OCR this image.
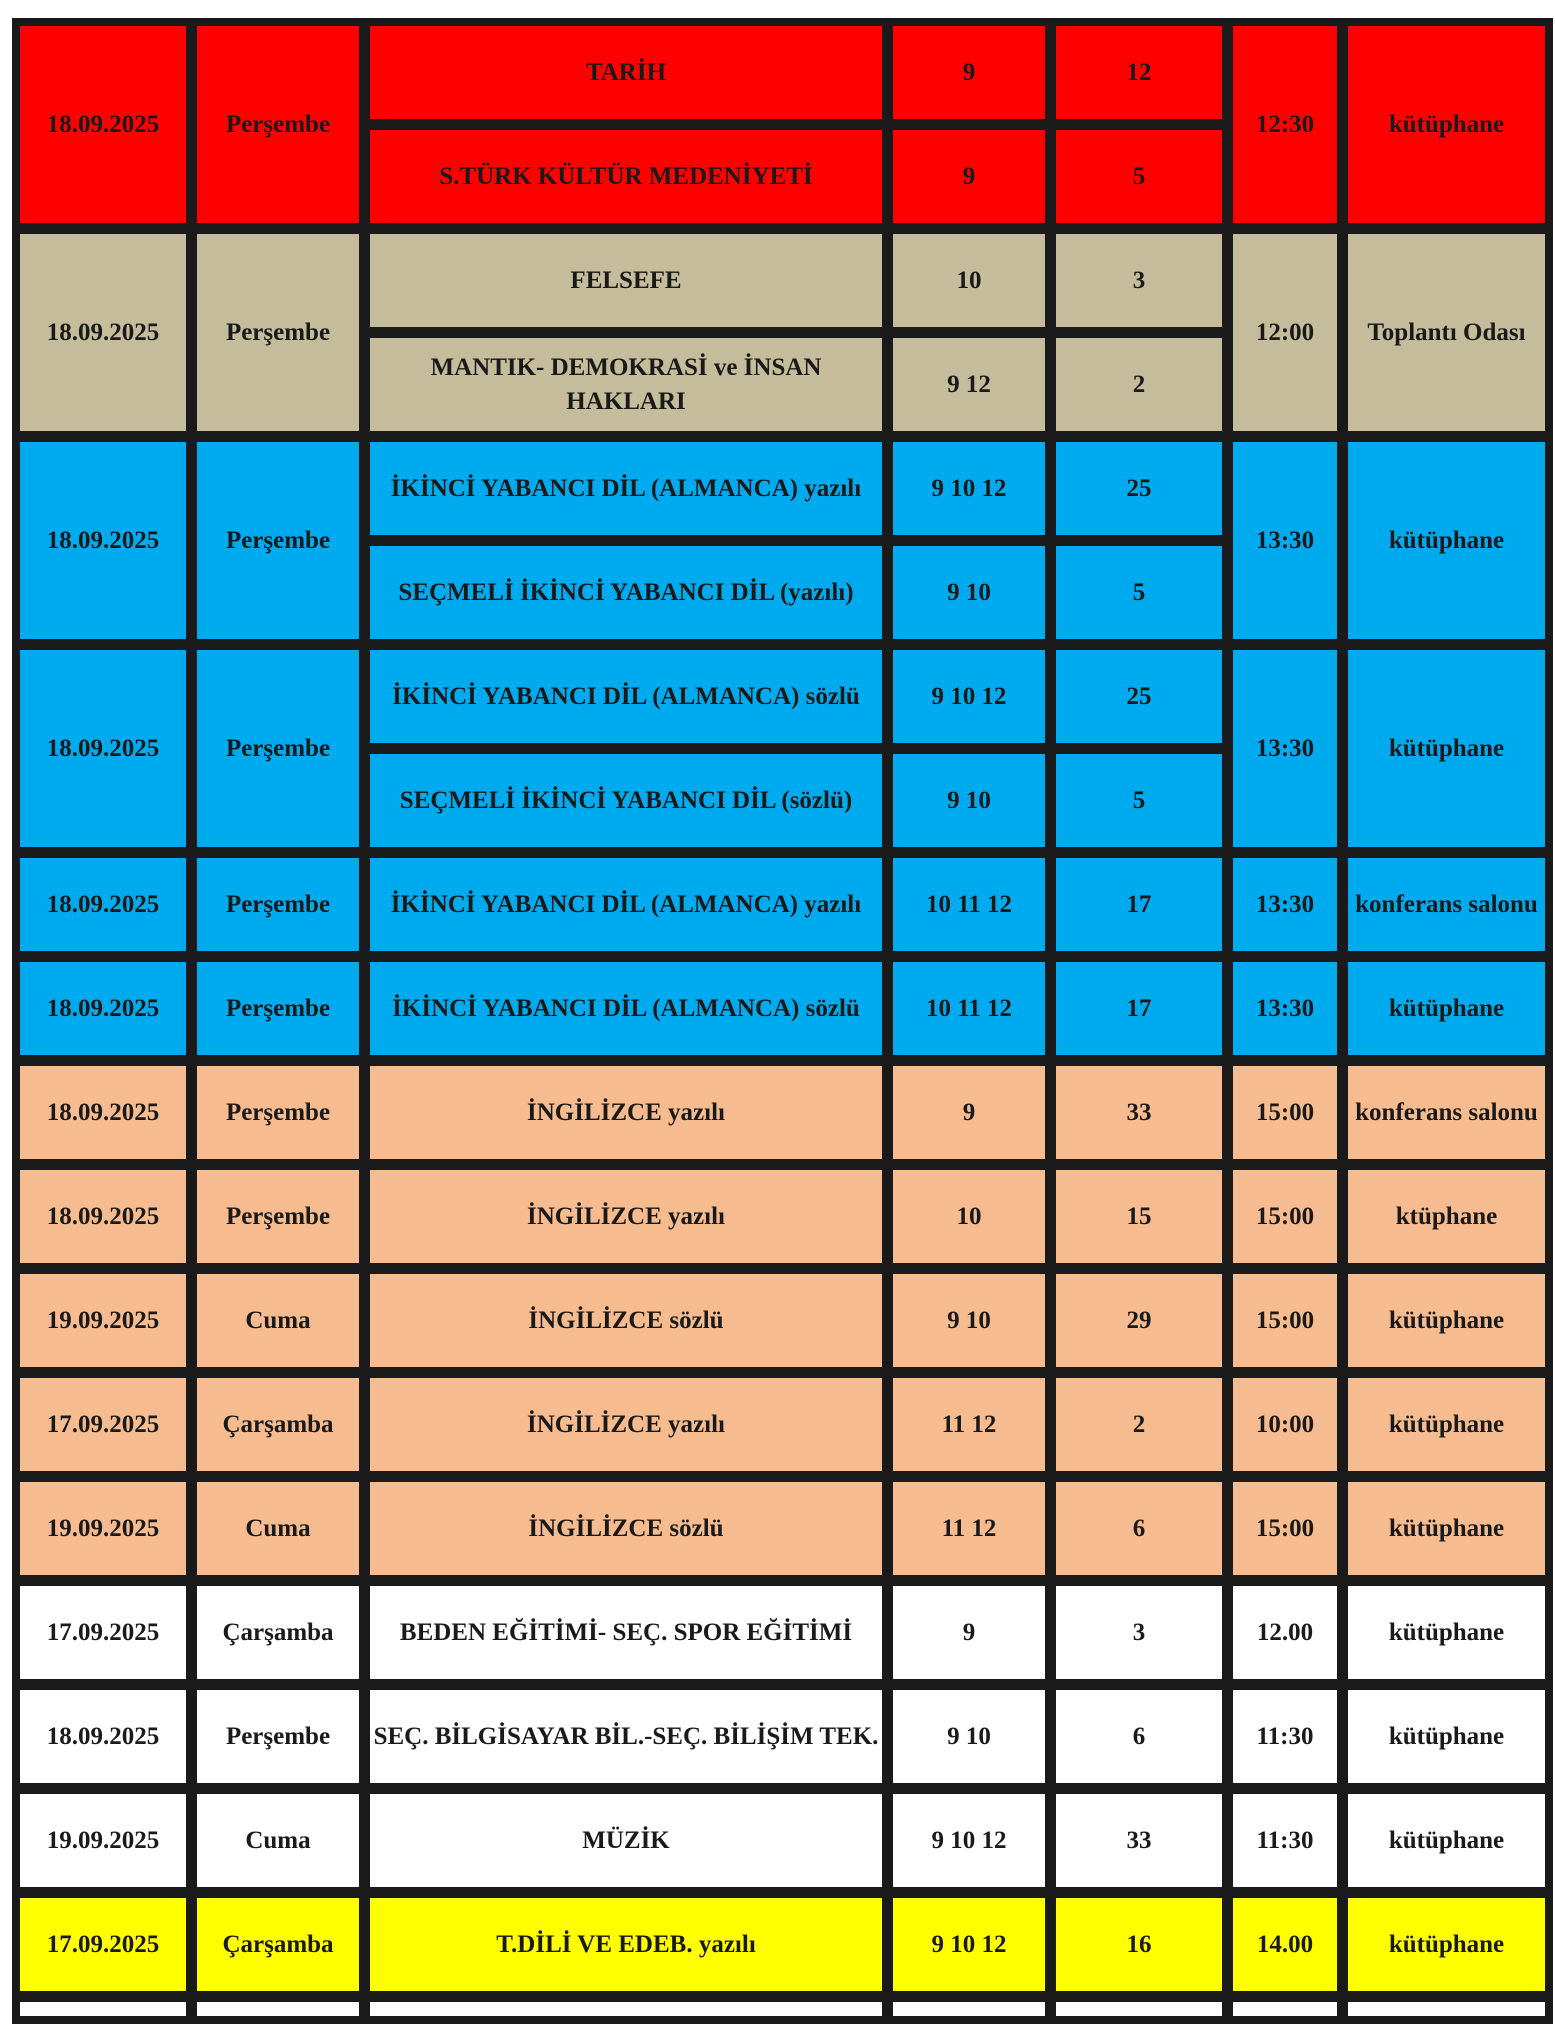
18.09.2025	Perşembe	TARİH	9	12	12:30	kütüphane
		S.TÜRK KÜLTÜR MEDENİYETİ	9	5		
18.09.2025	Perşembe	FELSEFE	10	3	12:00	Toplantı Odası
		MANTIK- DEMOKRASİ ve İNSAN HAKLARI	9 12	2		
18.09.2025	Perşembe	İKİNCİ YABANCI DİL (ALMANCA) yazılı	9 10 12	25	13:30	kütüphane
		SEÇMELİ İKİNCİ YABANCI DİL (yazılı)	9 10	5		
18.09.2025	Perşembe	İKİNCİ YABANCI DİL (ALMANCA) sözlü	9 10 12	25	13:30	kütüphane
		SEÇMELİ İKİNCİ YABANCI DİL (sözlü)	9 10	5		
18.09.2025	Perşembe	İKİNCİ YABANCI DİL (ALMANCA) yazılı	10 11 12	17	13:30	konferans salonu
18.09.2025	Perşembe	İKİNCİ YABANCI DİL (ALMANCA) sözlü	10 11 12	17	13:30	kütüphane
18.09.2025	Perşembe	İNGİLİZCE yazılı	9	33	15:00	konferans salonu
18.09.2025	Perşembe	İNGİLİZCE yazılı	10	15	15:00	ktüphane
19.09.2025	Cuma	İNGİLİZCE sözlü	9 10	29	15:00	kütüphane
17.09.2025	Çarşamba	İNGİLİZCE yazılı	11 12	2	10:00	kütüphane
19.09.2025	Cuma	İNGİLİZCE sözlü	11 12	6	15:00	kütüphane
17.09.2025	Çarşamba	BEDEN EĞİTİMİ- SEÇ. SPOR EĞİTİMİ	9	3	12.00	kütüphane
18.09.2025	Perşembe	SEÇ. BİLGİSAYAR BİL.-SEÇ. BİLİŞİM TEK.	9 10	6	11:30	kütüphane
19.09.2025	Cuma	MÜZİK	9 10 12	33	11:30	kütüphane
17.09.2025	Çarşamba	T.DİLİ VE EDEB. yazılı	9 10 12	16	14.00	kütüphane
